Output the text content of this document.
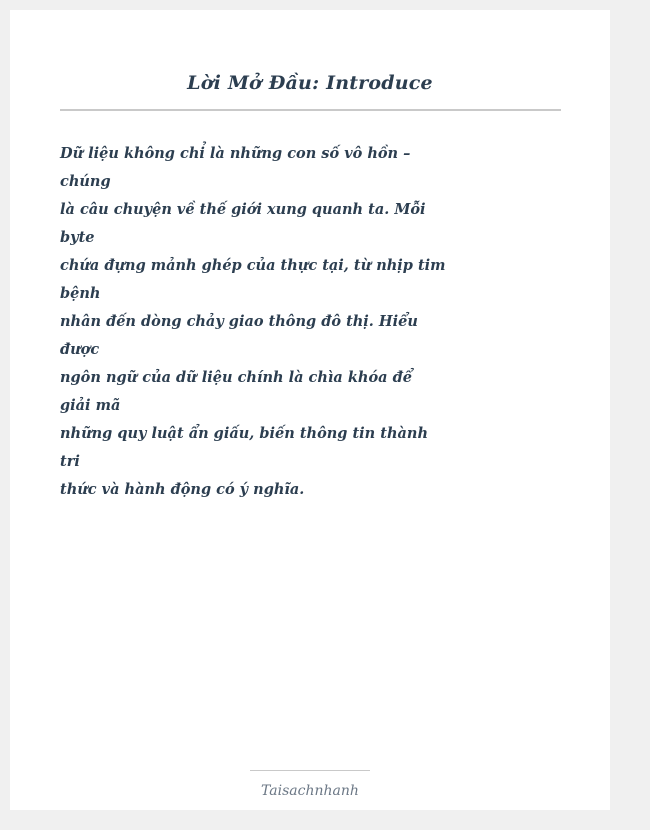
Lời Mở Đầu: Introduce
Dữ liệu không chỉ là những con số vô hồn –
chúng
là câu chuyện về thế giới xung quanh ta. Mỗi
byte
chứa đựng mảnh ghép của thực tại, từ nhịp tim
bệnh
nhân đến dòng chảy giao thông đô thị. Hiểu
được
ngôn ngữ của dữ liệu chính là chìa khóa để
giải mã
những quy luật ẩn giấu, biến thông tin thành
tri
thức và hành động có ý nghĩa.

Taisachnhanh
